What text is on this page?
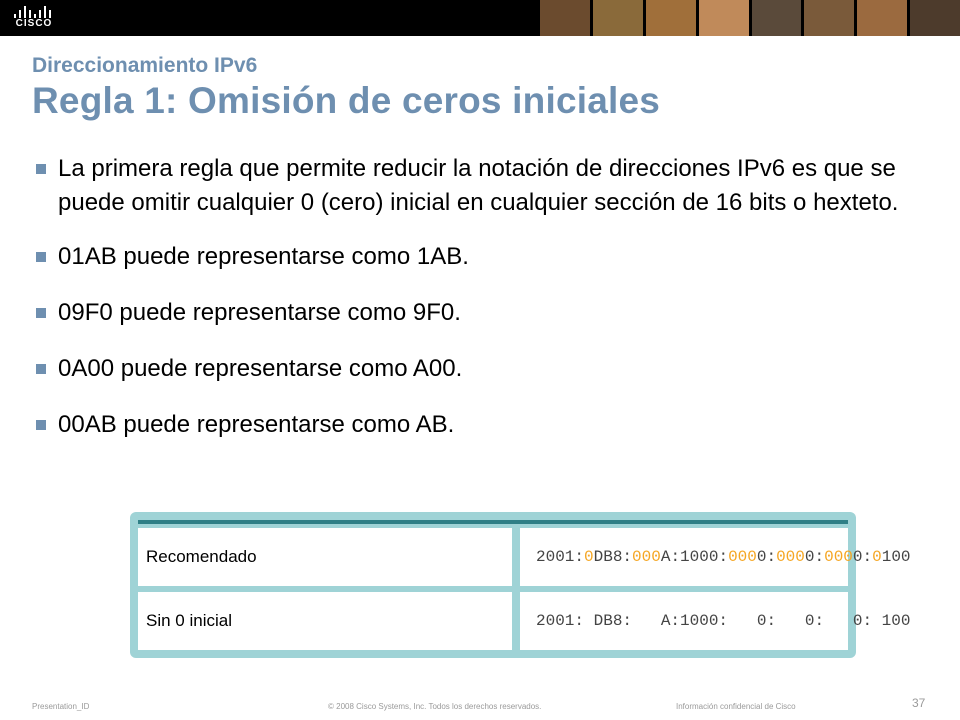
CISCO
Direccionamiento IPv6
Regla 1: Omisión de ceros iniciales
La primera regla que permite reducir la notación de direcciones IPv6 es que se puede omitir cualquier 0 (cero) inicial en cualquier sección de 16 bits o hexteto.
01AB puede representarse como 1AB.
09F0 puede representarse como 9F0.
0A00 puede representarse como A00.
00AB puede representarse como AB.
Recomendado	2001: 0 DB8: 000 A:1000: 000 0: 000 0: 000 0: 0 100
Sin 0 inicial	2001: DB8:   A:1000:   0:   0:   0: 100
Presentation_ID	© 2008 Cisco Systems, Inc. Todos los derechos reservados.	Información confidencial de Cisco	37
